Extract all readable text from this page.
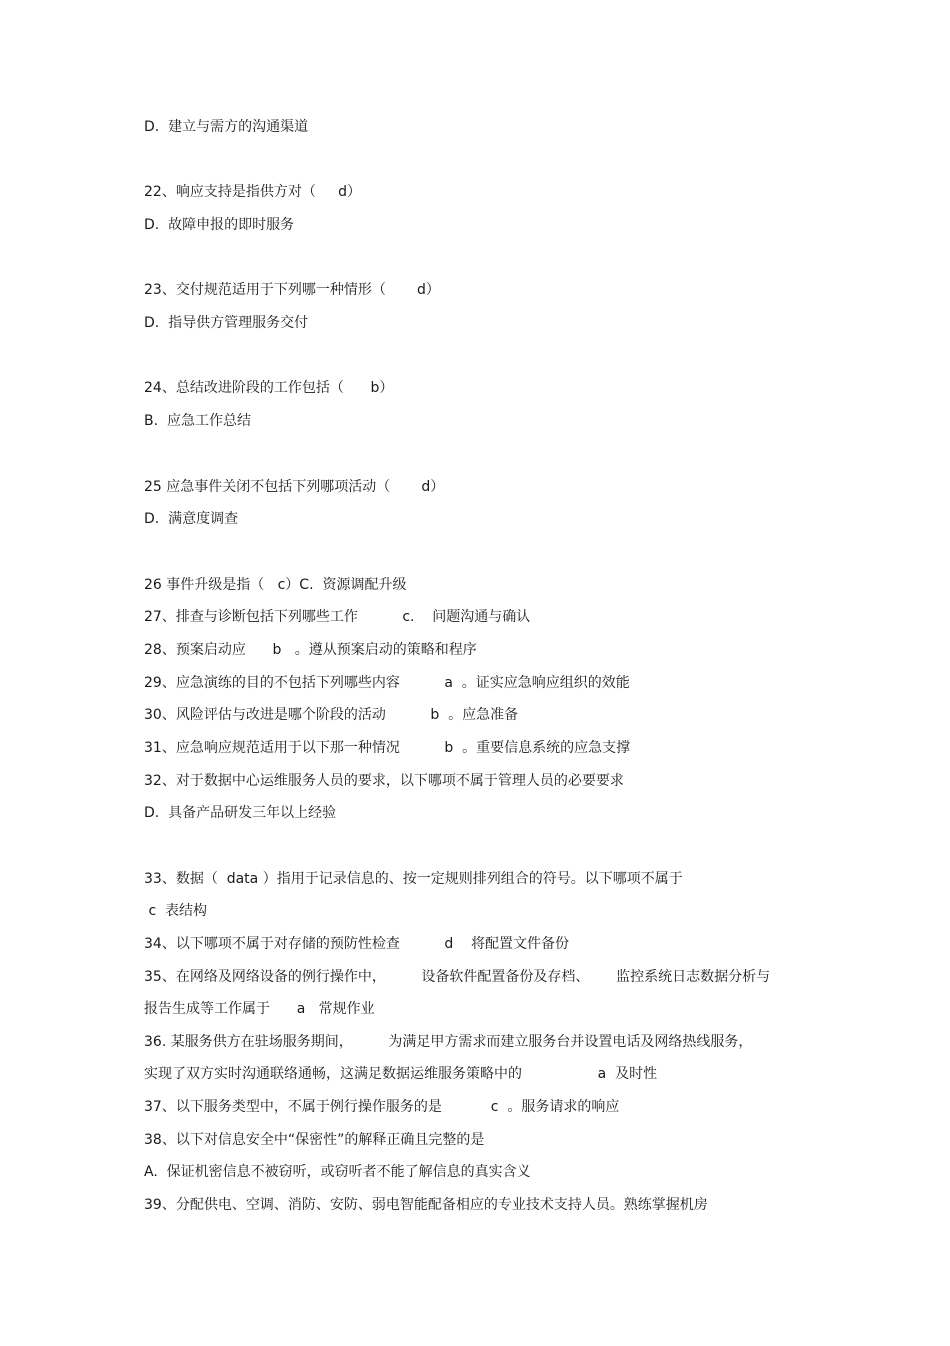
D.  建立与需方的沟通渠道
22、响应支持是指供方对（     d）
D.  故障申报的即时服务
23、交付规范适用于下列哪一种情形（       d）
D.  指导供方管理服务交付
24、总结改进阶段的工作包括（      b）
B.  应急工作总结
25 应急事件关闭不包括下列哪项活动（       d）
D.  满意度调查
26 事件升级是指（   c）C.  资源调配升级
27、排查与诊断包括下列哪些工作          c.    问题沟通与确认
28、预案启动应      b   。遵从预案启动的策略和程序
29、应急演练的目的不包括下列哪些内容          a  。证实应急响应组织的效能
30、风险评估与改进是哪个阶段的活动          b  。应急准备
31、应急响应规范适用于以下那一种情况          b  。重要信息系统的应急支撑
32、对于数据中心运维服务人员的要求，以下哪项不属于管理人员的必要要求
D.  具备产品研发三年以上经验
33、数据（  data ）指用于记录信息的、按一定规则排列组合的符号。以下哪项不属于
c  表结构
34、以下哪项不属于对存储的预防性检查          d    将配置文件备份
35、在网络及网络设备的例行操作中，        设备软件配置备份及存档、      监控系统日志数据分析与
报告生成等工作属于      a   常规作业
36. 某服务供方在驻场服务期间，        为满足甲方需求而建立服务台并设置电话及网络热线服务，
实现了双方实时沟通联络通畅，这满足数据运维服务策略中的                 a  及时性
37、以下服务类型中，不属于例行操作服务的是           c  。服务请求的响应
38、以下对信息安全中“保密性”的解释正确且完整的是
A.  保证机密信息不被窃听，或窃听者不能了解信息的真实含义
39、分配供电、空调、消防、安防、弱电智能配备相应的专业技术支持人员。熟练掌握机房
